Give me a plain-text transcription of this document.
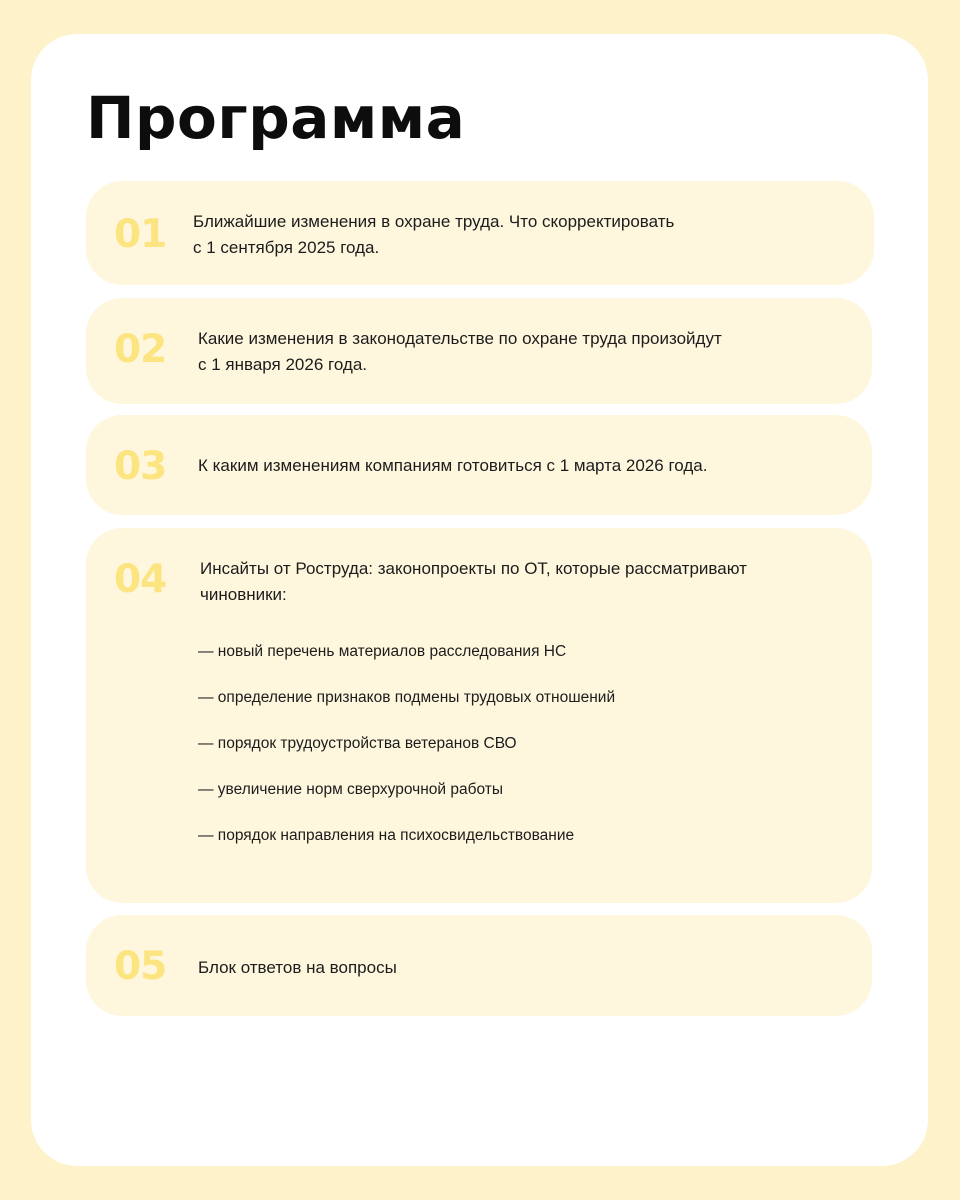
Программа
01 Ближайшие изменения в охране труда. Что скорректировать
с 1 сентября 2025 года.
02 Какие изменения в законодательстве по охране труда произойдут
с 1 января 2026 года.
03 К каким изменениям компаниям готовиться с 1 марта 2026 года.
04 Инсайты от Роструда: законопроекты по ОТ, которые рассматривают
чиновники:
— новый перечень материалов расследования НС
— определение признаков подмены трудовых отношений
— порядок трудоустройства ветеранов СВО
— увеличение норм сверхурочной работы
— порядок направления на психосвидельствование
05 Блок ответов на вопросы
